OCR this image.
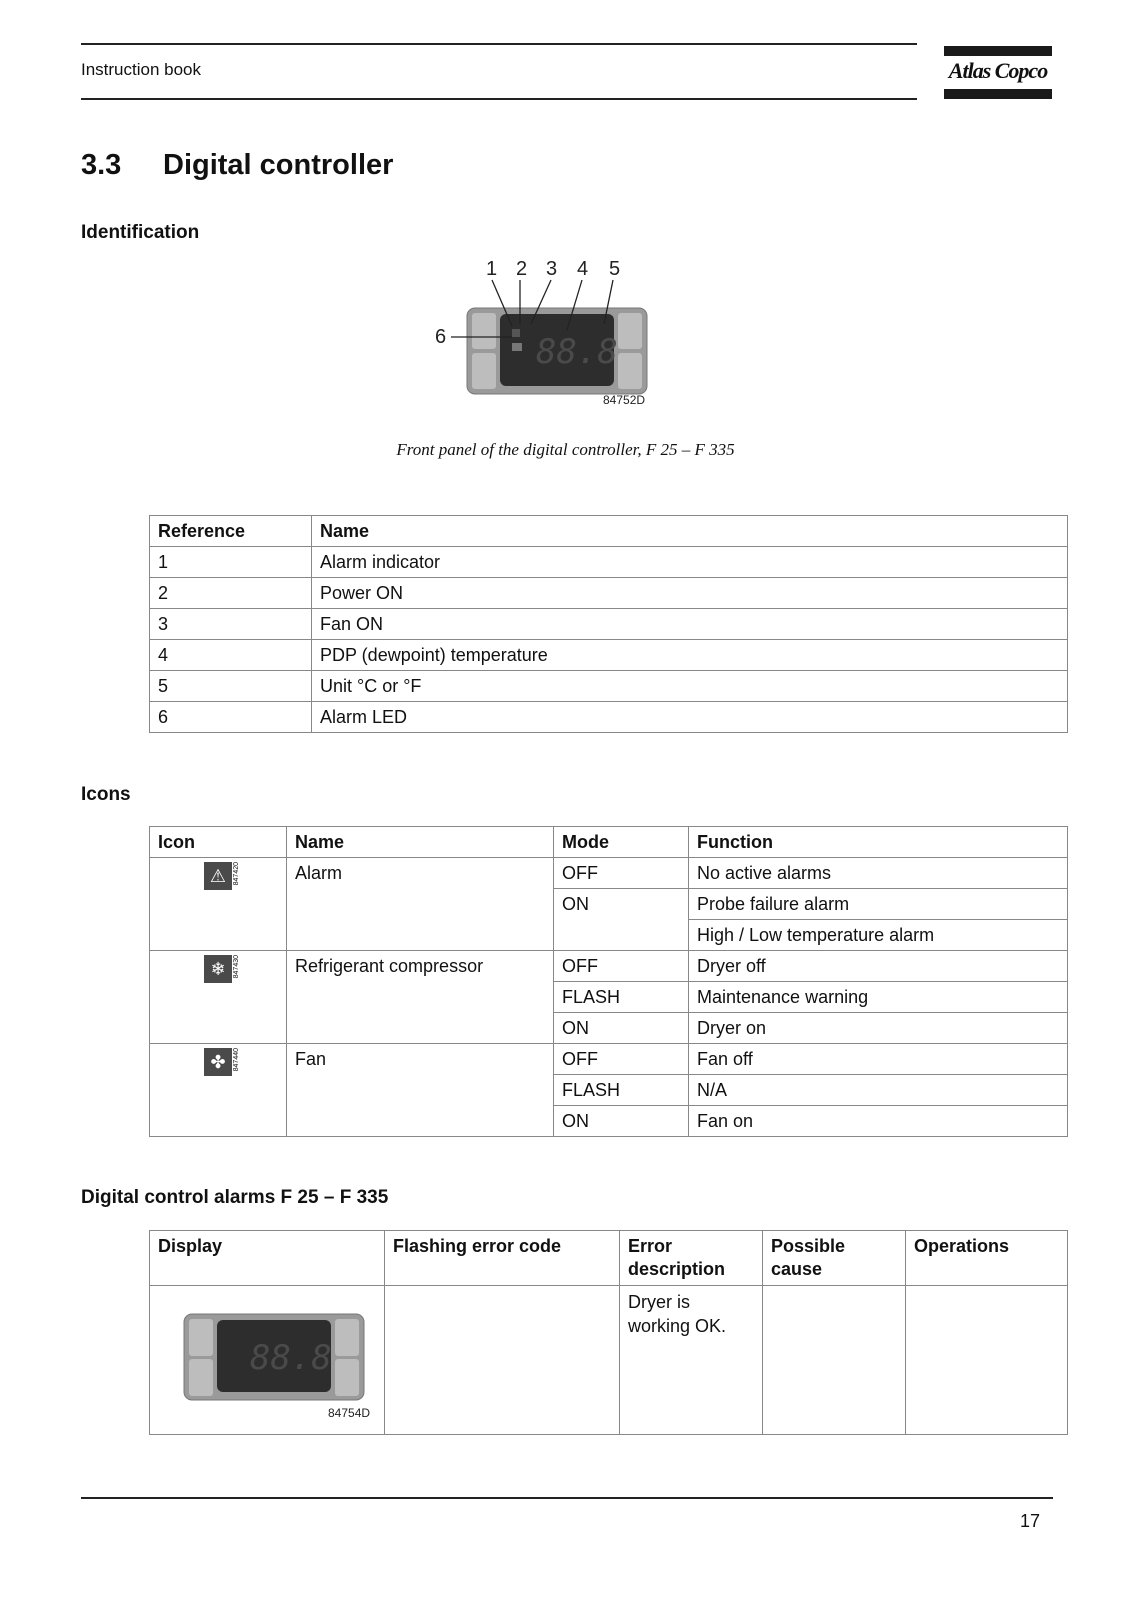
Instruction book	Atlas Copco
3.3 Digital controller
Identification
1 2 3 4 5
6	88.8
84752D
Front panel of the digital controller, F 25 – F 335
Reference	Name
1	Alarm indicator
2	Power ON
3	Fan ON
4	PDP (dewpoint) temperature
5	Unit °C or °F
6	Alarm LED
Icons
Icon	Name	Mode	Function
⚠ 847420	Alarm	OFF	No active alarms
		ON	Probe failure alarm
			High / Low temperature alarm
❄ 847430	Refrigerant compressor	OFF	Dryer off
		FLASH	Maintenance warning
		ON	Dryer on
✤ 847440	Fan	OFF	Fan off
		FLASH	N/A
		ON	Fan on
Digital control alarms F 25 – F 335
Display	Flashing error code	Error description	Possible cause	Operations

88.8
84754D		Dryer is working OK.		
17
